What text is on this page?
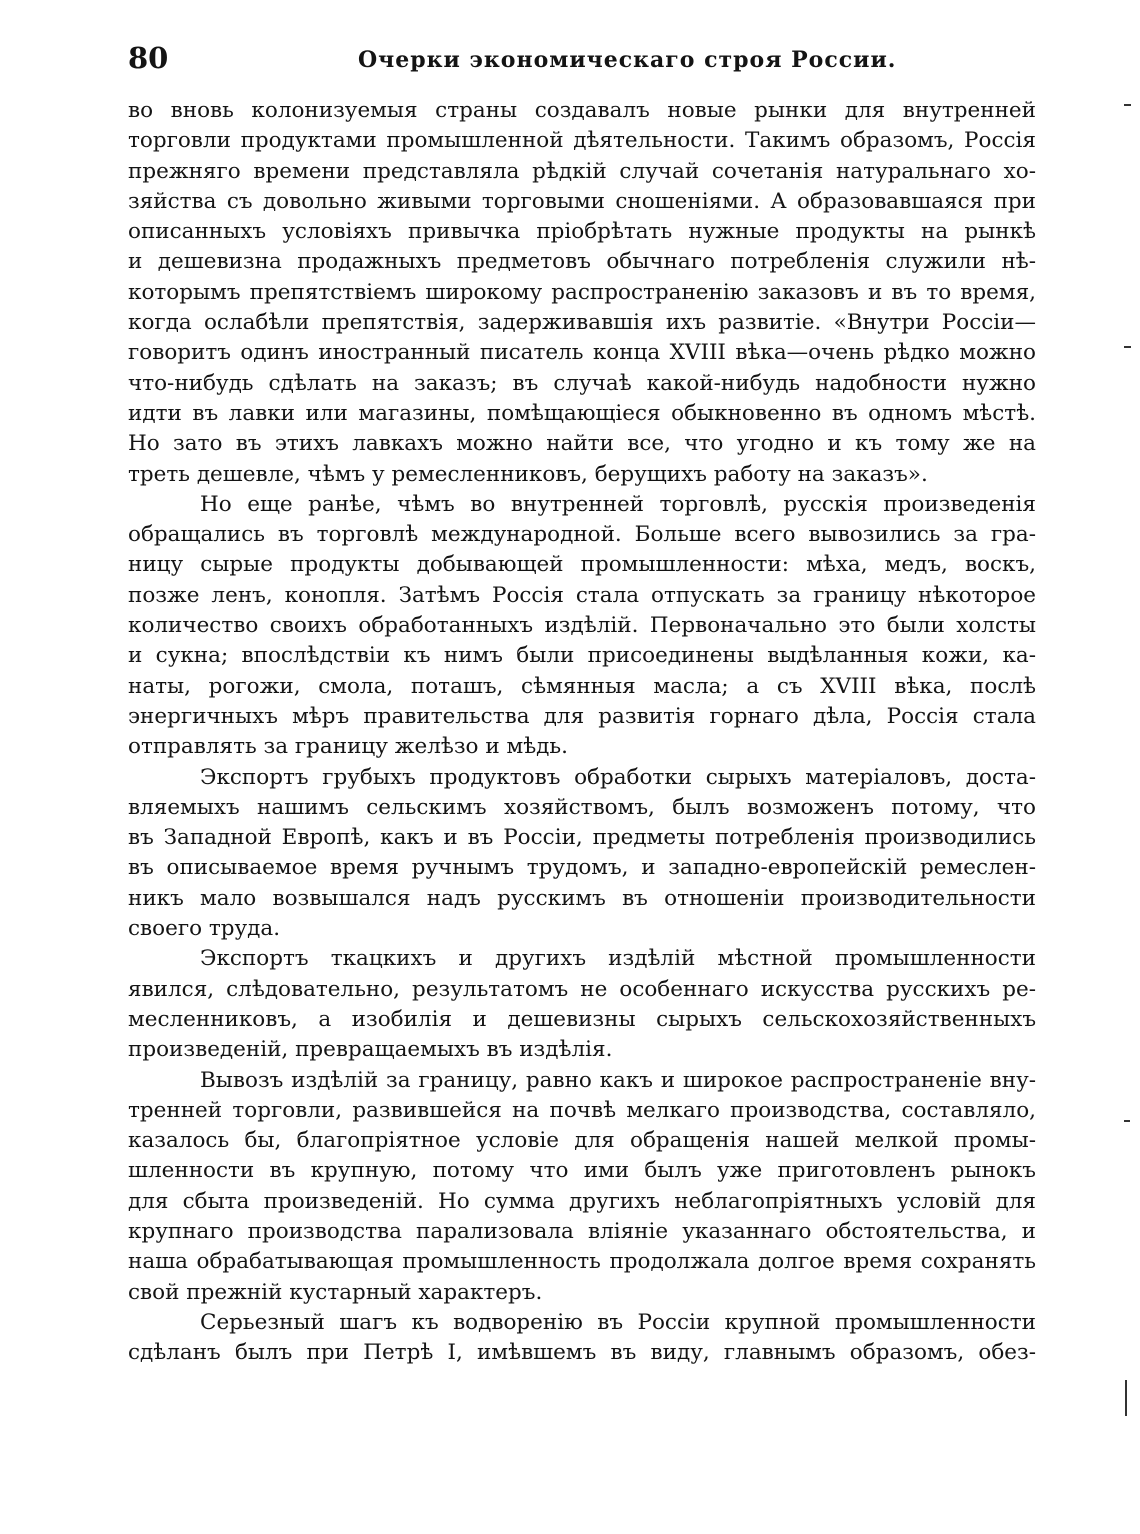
80	Очерки экономическаго строя России.
во вновь колонизуемыя страны создавалъ новые рынки для внутренней
торговли продуктами промышленной дѣятельности. Такимъ образомъ, Россія
прежняго времени представляла рѣдкій случай сочетанія натуральнаго хо-
зяйства съ довольно живыми торговыми сношеніями. А образовавшаяся при
описанныхъ условіяхъ привычка пріобрѣтать нужные продукты на рынкѣ
и дешевизна продажныхъ предметовъ обычнаго потребленія служили нѣ-
которымъ препятствіемъ широкому распространенію заказовъ и въ то время,
когда ослабѣли препятствія, задерживавшія ихъ развитіе. «Внутри Россіи—
говоритъ одинъ иностранный писатель конца XVIII вѣка—очень рѣдко можно
что-нибудь сдѣлать на заказъ; въ случаѣ какой-нибудь надобности нужно
идти въ лавки или магазины, помѣщающіеся обыкновенно въ одномъ мѣстѣ.
Но зато въ этихъ лавкахъ можно найти все, что угодно и къ тому же на
треть дешевле, чѣмъ у ремесленниковъ, берущихъ работу на заказъ».
Но еще ранѣе, чѣмъ во внутренней торговлѣ, русскія произведенія
обращались въ торговлѣ международной. Больше всего вывозились за гра-
ницу сырые продукты добывающей промышленности: мѣха, медъ, воскъ,
позже ленъ, конопля. Затѣмъ Россія стала отпускать за границу нѣкоторое
количество своихъ обработанныхъ издѣлій. Первоначально это были холсты
и сукна; впослѣдствіи къ нимъ были присоединены выдѣланныя кожи, ка-
наты, рогожи, смола, поташъ, сѣмянныя масла; а съ XVIII вѣка, послѣ
энергичныхъ мѣръ правительства для развитія горнаго дѣла, Россія стала
отправлять за границу желѣзо и мѣдь.
Экспортъ грубыхъ продуктовъ обработки сырыхъ матеріаловъ, доста-
вляемыхъ нашимъ сельскимъ хозяйствомъ, былъ возможенъ потому, что
въ Западной Европѣ, какъ и въ Россіи, предметы потребленія производились
въ описываемое время ручнымъ трудомъ, и западно-европейскій ремеслен-
никъ мало возвышался надъ русскимъ въ отношеніи производительности
своего труда.
Экспортъ ткацкихъ и другихъ издѣлій мѣстной промышленности
явился, слѣдовательно, результатомъ не особеннаго искусства русскихъ ре-
месленниковъ, а изобилія и дешевизны сырыхъ сельскохозяйственныхъ
произведеній, превращаемыхъ въ издѣлія.
Вывозъ издѣлій за границу, равно какъ и широкое распространеніе вну-
тренней торговли, развившейся на почвѣ мелкаго производства, составляло,
казалось бы, благопріятное условіе для обращенія нашей мелкой промы-
шленности въ крупную, потому что ими былъ уже приготовленъ рынокъ
для сбыта произведеній. Но сумма другихъ неблагопріятныхъ условій для
крупнаго производства парализовала вліяніе указаннаго обстоятельства, и
наша обрабатывающая промышленность продолжала долгое время сохранять
свой прежній кустарный характеръ.
Серьезный шагъ къ водворенію въ Россіи крупной промышленности
сдѣланъ былъ при Петрѣ I, имѣвшемъ въ виду, главнымъ образомъ, обез-
